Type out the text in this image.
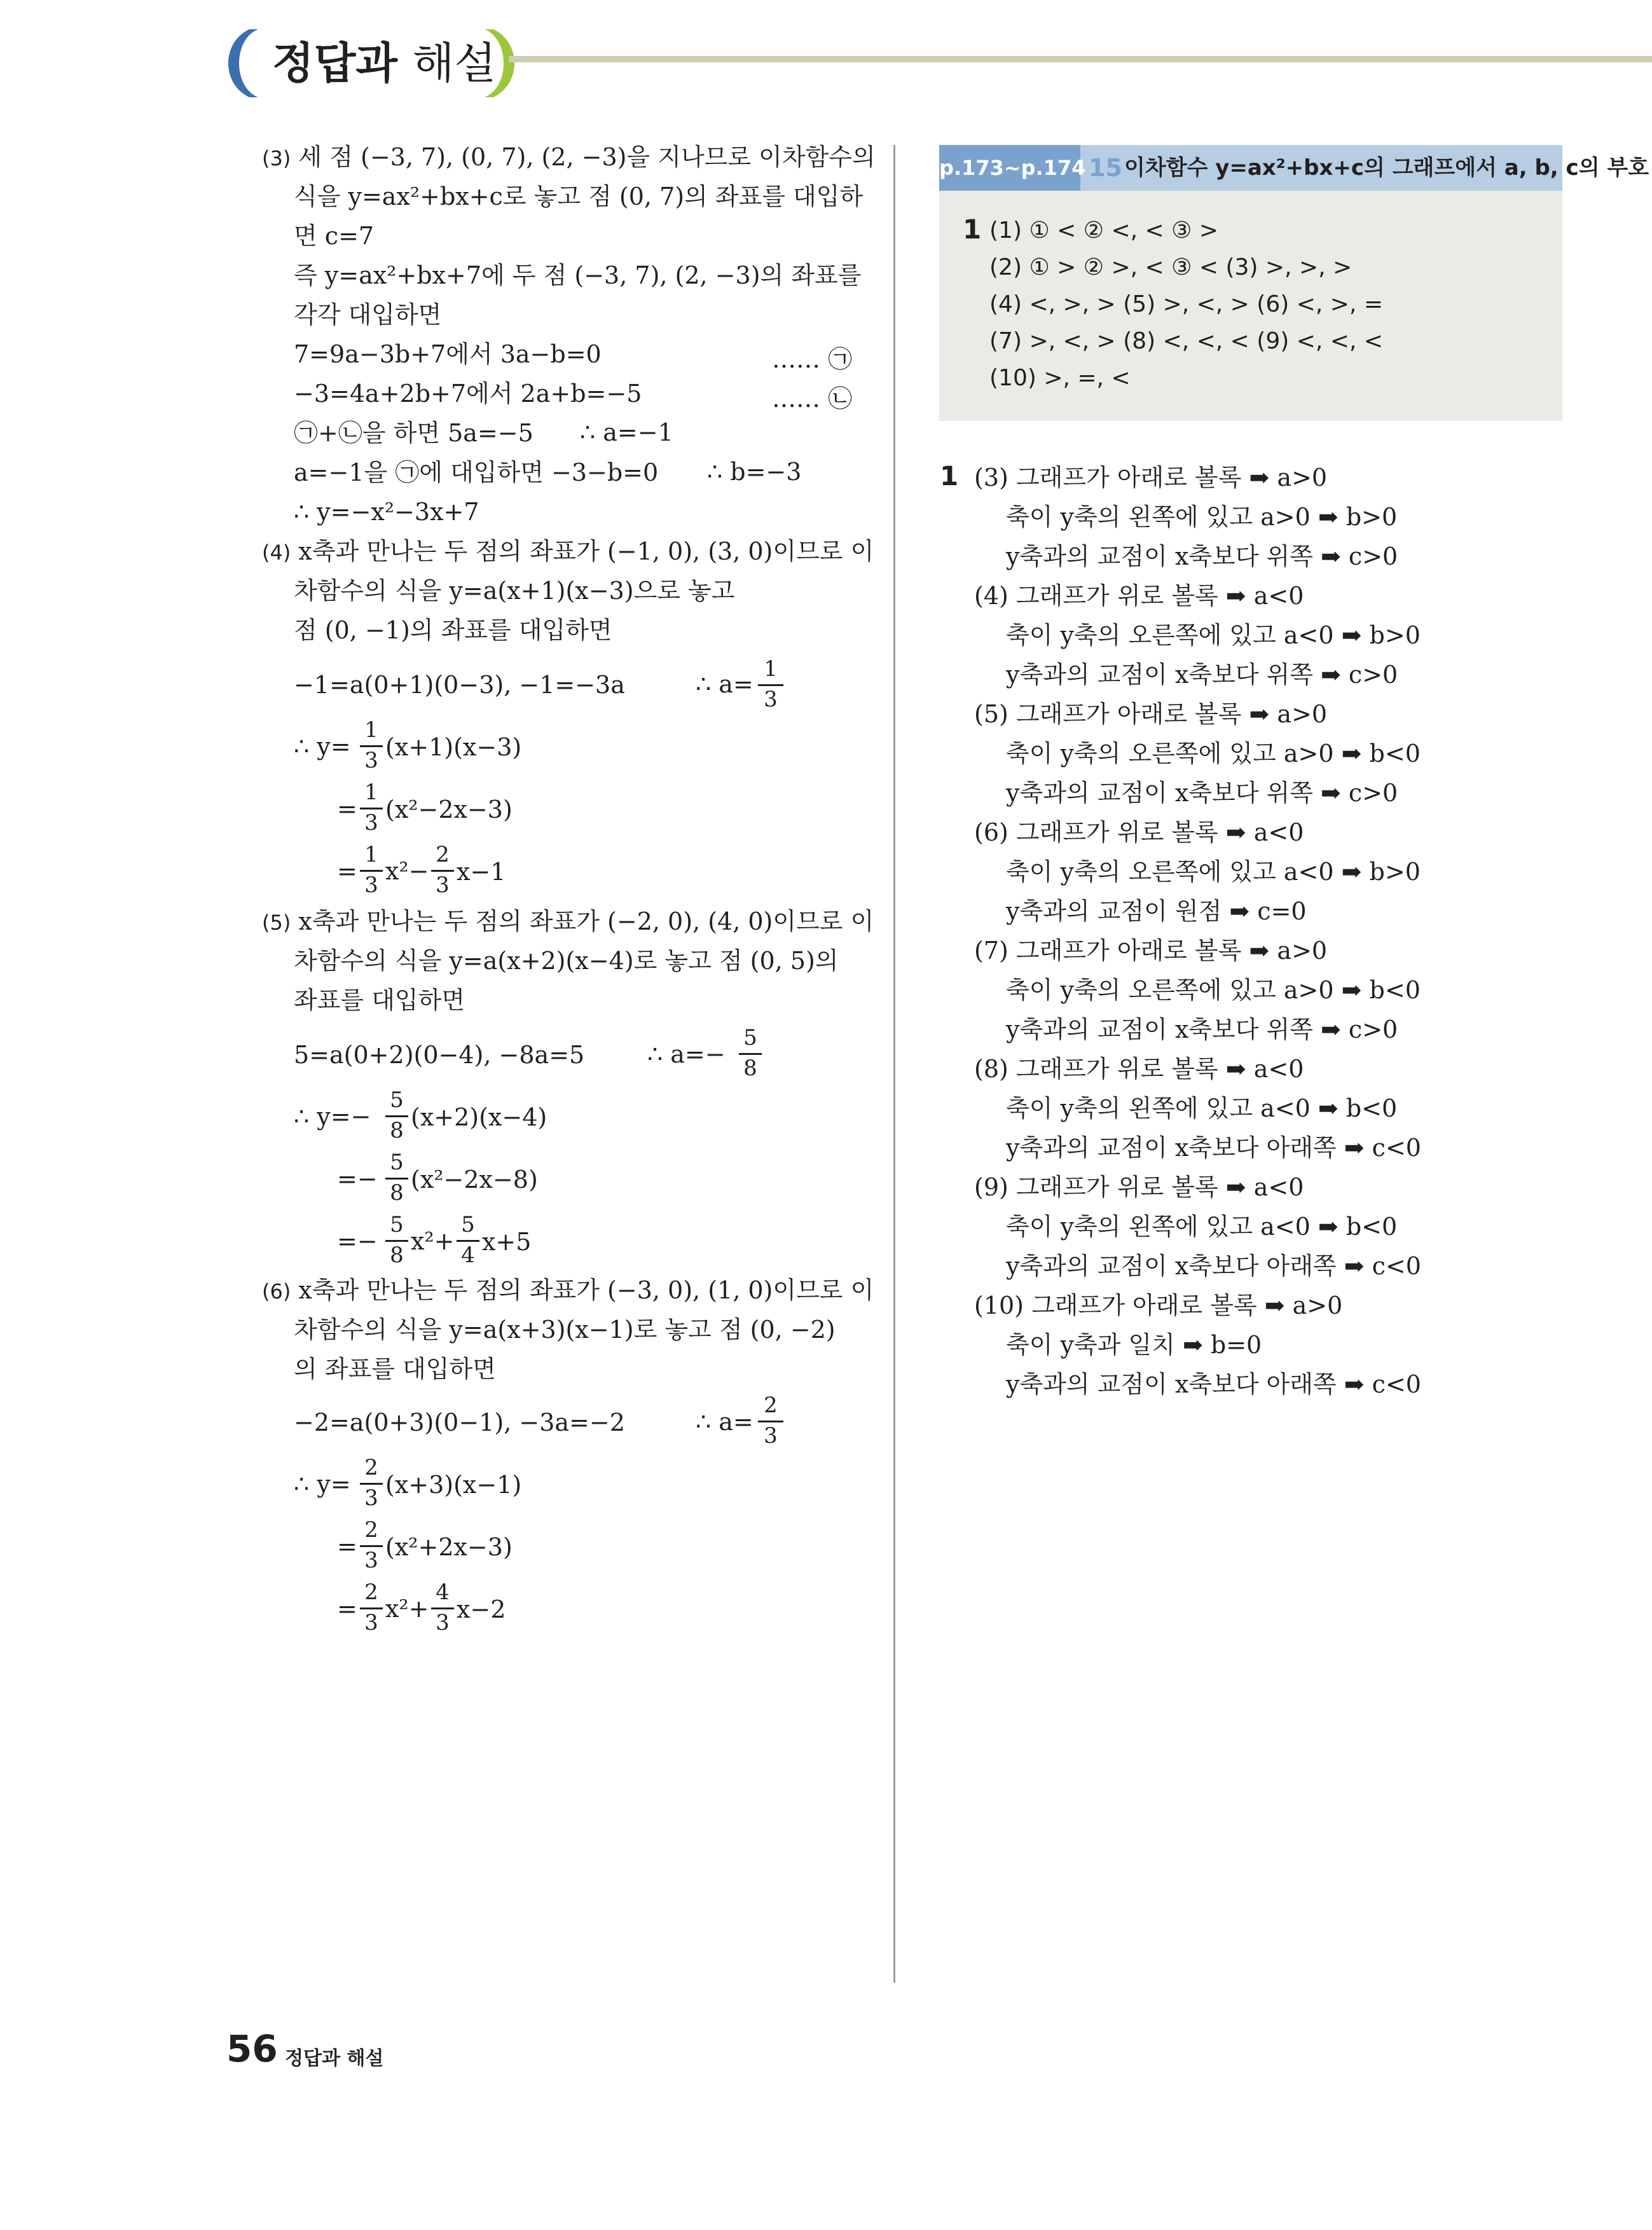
정답과 해설
(3) 세 점 (−3, 7), (0, 7), (2, −3)을 지나므로 이차함수의
식을 y=ax²+bx+c로 놓고 점 (0, 7)의 좌표를 대입하
면 c=7
즉 y=ax²+bx+7에 두 점 (−3, 7), (2, −3)의 좌표를
각각 대입하면
7=9a−3b+7에서 3a−b=0	…… ㉠
−3=4a+2b+7에서 2a+b=−5	…… ㉡
㉠+㉡을 하면 5a=−5 ∴ a=−1
a=−1을 ㉠에 대입하면 −3−b=0 ∴ b=−3
∴ y=−x²−3x+7
(4) x축과 만나는 두 점의 좌표가 (−1, 0), (3, 0)이므로 이
차함수의 식을 y=a(x+1)(x−3)으로 놓고
점 (0, −1)의 좌표를 대입하면
−1=a(0+1)(0−3), −1=−3a	∴ a=
1
3
∴ y=
1
3 (x+1)(x−3)
=
1
3 (x²−2x−3)
=
1
3 x²−
2
3 x−1
(5) x축과 만나는 두 점의 좌표가 (−2, 0), (4, 0)이므로 이
차함수의 식을 y=a(x+2)(x−4)로 놓고 점 (0, 5)의
좌표를 대입하면
5=a(0+2)(0−4), −8a=5	∴ a=−
5
8
∴ y=−
5
8 (x+2)(x−4)
=−
5
8 (x²−2x−8)
=−
5
8 x²+
5
4 x+5
(6) x축과 만나는 두 점의 좌표가 (−3, 0), (1, 0)이므로 이
차함수의 식을 y=a(x+3)(x−1)로 놓고 점 (0, −2)
의 좌표를 대입하면
−2=a(0+3)(0−1), −3a=−2	∴ a=
2
3
∴ y=
2
3 (x+3)(x−1)
=
2
3 (x²+2x−3)
=
2
3 x²+
4
3 x−2
p.173~p.174 15 이차함수 y=ax²+bx+c의 그래프에서 a, b, c의 부호
1 (1) ① < ② <, < ③ >
(2) ① > ② >, < ③ < (3) >, >, >
(4) <, >, > (5) >, <, > (6) <, >, =
(7) >, <, > (8) <, <, < (9) <, <, <
(10) >, =, <
1 (3) 그래프가 아래로 볼록 ➡ a>0
축이 y축의 왼쪽에 있고 a>0 ➡ b>0
y축과의 교점이 x축보다 위쪽 ➡ c>0
(4) 그래프가 위로 볼록 ➡ a<0
축이 y축의 오른쪽에 있고 a<0 ➡ b>0
y축과의 교점이 x축보다 위쪽 ➡ c>0
(5) 그래프가 아래로 볼록 ➡ a>0
축이 y축의 오른쪽에 있고 a>0 ➡ b<0
y축과의 교점이 x축보다 위쪽 ➡ c>0
(6) 그래프가 위로 볼록 ➡ a<0
축이 y축의 오른쪽에 있고 a<0 ➡ b>0
y축과의 교점이 원점 ➡ c=0
(7) 그래프가 아래로 볼록 ➡ a>0
축이 y축의 오른쪽에 있고 a>0 ➡ b<0
y축과의 교점이 x축보다 위쪽 ➡ c>0
(8) 그래프가 위로 볼록 ➡ a<0
축이 y축의 왼쪽에 있고 a<0 ➡ b<0
y축과의 교점이 x축보다 아래쪽 ➡ c<0
(9) 그래프가 위로 볼록 ➡ a<0
축이 y축의 왼쪽에 있고 a<0 ➡ b<0
y축과의 교점이 x축보다 아래쪽 ➡ c<0
(10) 그래프가 아래로 볼록 ➡ a>0
축이 y축과 일치 ➡ b=0
y축과의 교점이 x축보다 아래쪽 ➡ c<0
56 정답과 해설
